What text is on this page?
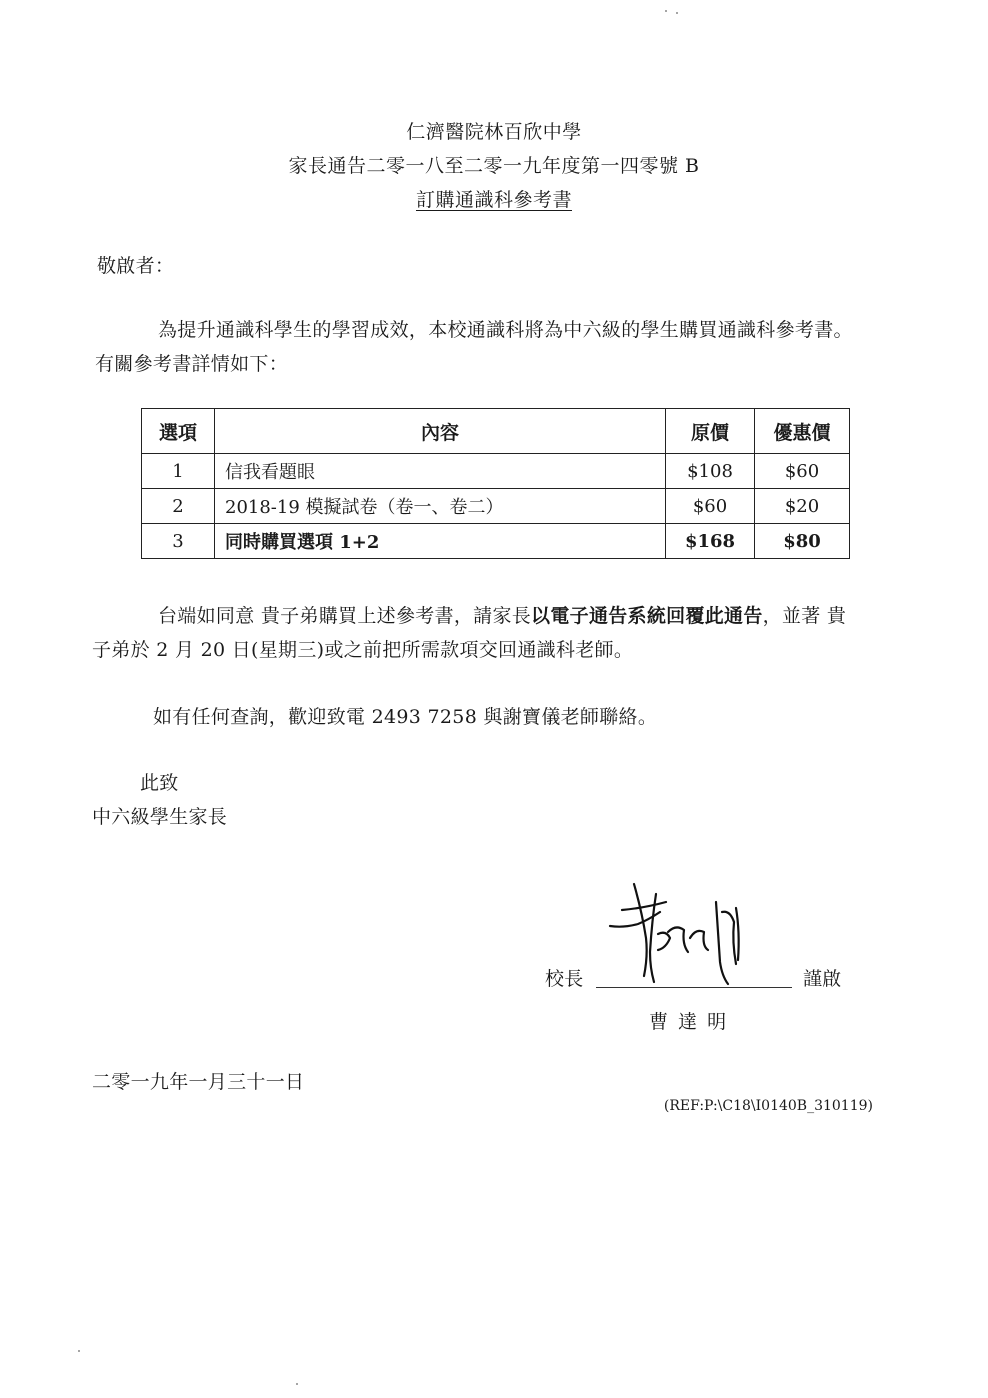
仁濟醫院林百欣中學
家長通告二零一八至二零一九年度第一四零號 B
訂購通識科參考書
敬啟者：
為提升通識科學生的學習成效，本校通識科將為中六級的學生購買通識科參考書。
有關參考書詳情如下：
選項	內容	原價	優惠價
1	信我看題眼	$108	$60
2	2018-19 模擬試卷（卷一、卷二）	$60	$20
3	同時購買選項 1+2	$168	$80
台端如同意 貴子弟購買上述參考書，請家長以電子通告系統回覆此通告，並著 貴
子弟於 2 月 20 日(星期三)或之前把所需款項交回通識科老師。
如有任何查詢，歡迎致電 2493 7258 與謝寶儀老師聯絡。
此致
中六級學生家長
校長	謹啟
曹 達 明
二零一九年一月三十一日
(REF:P:\C18\I0140B_310119)
